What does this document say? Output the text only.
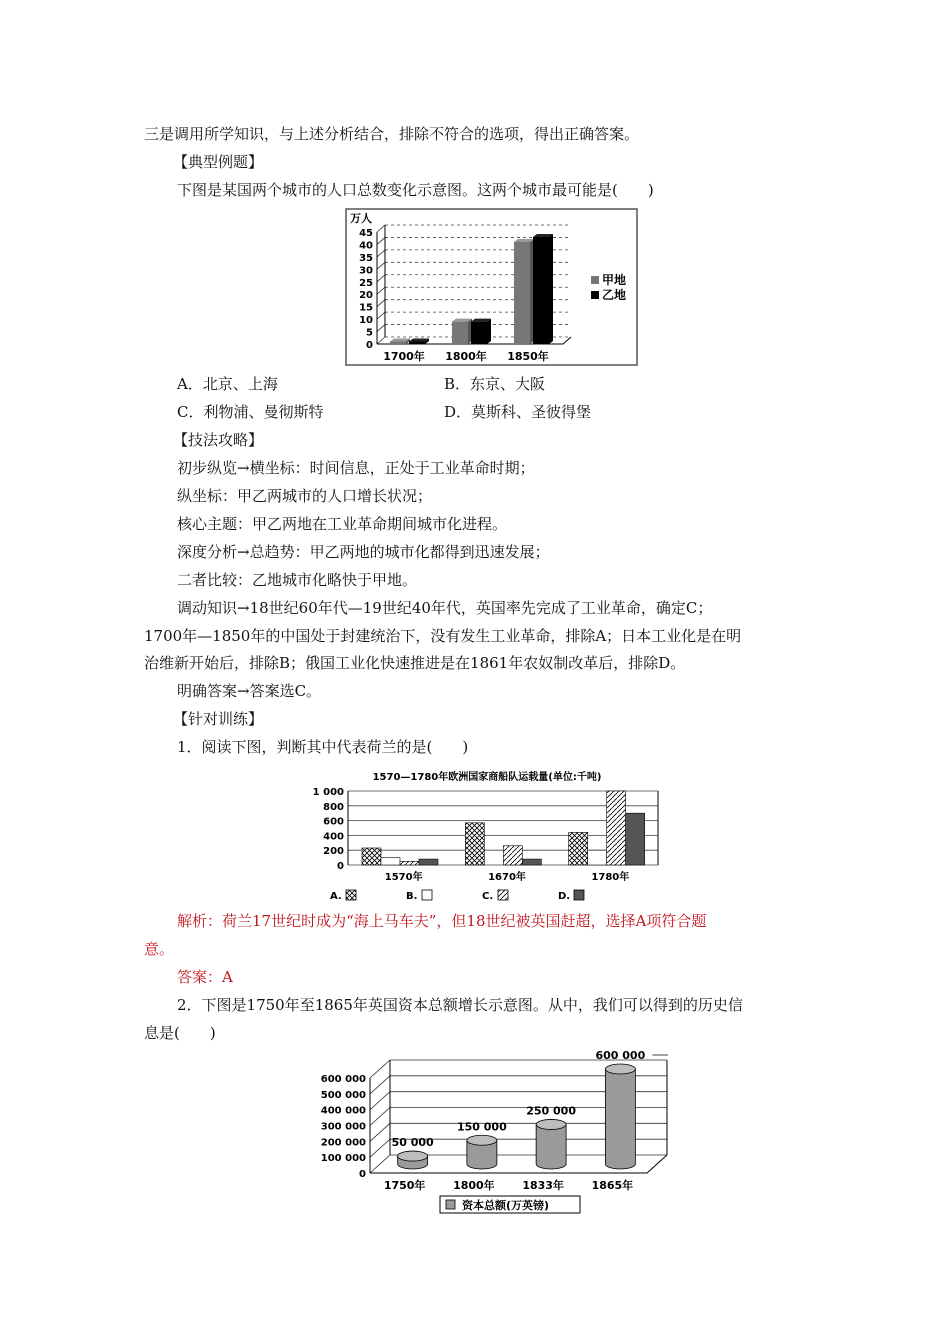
三是调用所学知识，与上述分析结合，排除不符合的选项，得出正确答案。
【典型例题】
下图是某国两个城市的人口总数变化示意图。这两个城市最可能是(　　)
0
5
10
15
20
25
30
35
40
45
万人
1700年 1800年 1850年
甲地
乙地
A．北京、上海	B．东京、大阪
C．利物浦、曼彻斯特	D．莫斯科、圣彼得堡
【技法攻略】
初步纵览→横坐标：时间信息，正处于工业革命时期；
纵坐标：甲乙两城市的人口增长状况；
核心主题：甲乙两地在工业革命期间城市化进程。
深度分析→总趋势：甲乙两地的城市化都得到迅速发展；
二者比较：乙地城市化略快于甲地。
调动知识→18世纪60年代—19世纪40年代，英国率先完成了工业革命，确定C；
1700年—1850年的中国处于封建统治下，没有发生工业革命，排除A；日本工业化是在明
治维新开始后，排除B；俄国工业化快速推进是在1861年农奴制改革后，排除D。
明确答案→答案选C。
【针对训练】
1．阅读下图，判断其中代表荷兰的是(　　)
1570—1780年欧洲国家商船队运载量(单位:千吨)
0
200
400
600
800
1 000
1570年	1670年	1780年
A.	B.	C.	D.
解析：荷兰17世纪时成为“海上马车夫”，但18世纪被英国赶超，选择A项符合题
意。
答案：A
2．下图是1750年至1865年英国资本总额增长示意图。从中，我们可以得到的历史信
息是(　　)
0
100 000
200 000
300 000
400 000
500 000
600 000
50 000
1750年
150 000
1800年
250 000
1833年
600 000
1865年
资本总额(万英镑)
